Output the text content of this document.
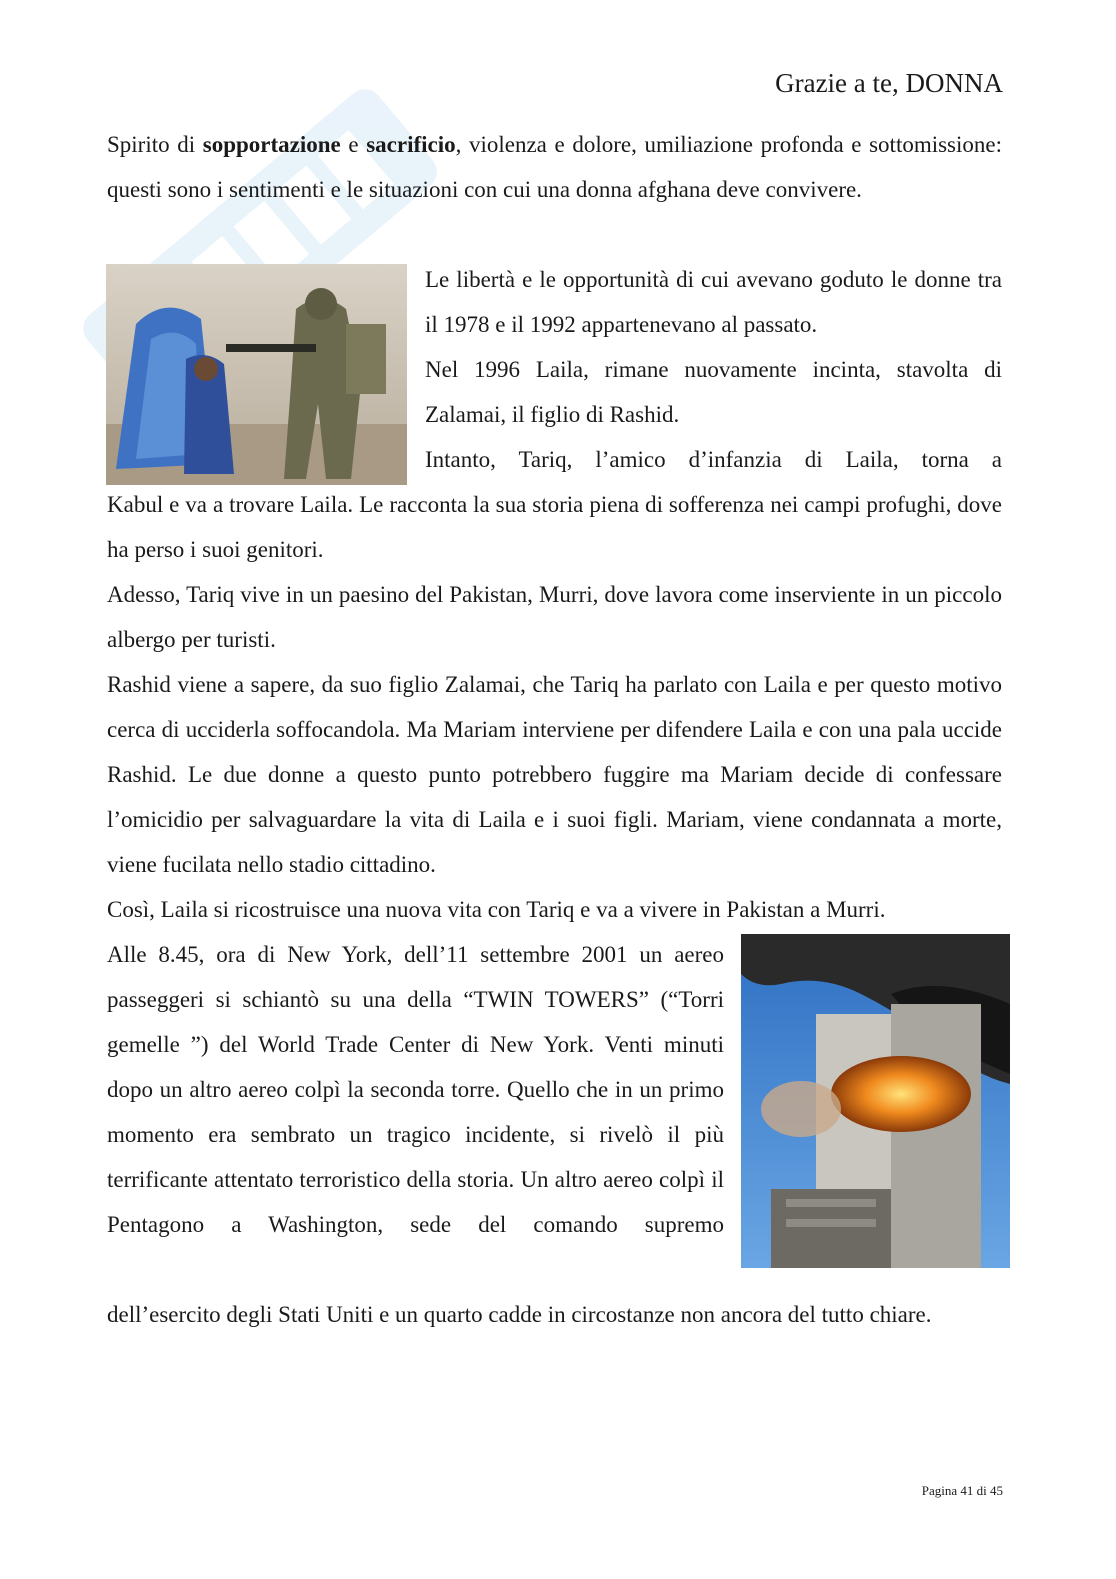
Grazie a te, DONNA

Spirito di sopportazione e sacrificio, violenza e dolore, umiliazione profonda e sottomissione: questi sono i sentimenti e le situazioni con cui una donna afghana deve convivere.

Le libertà e le opportunità di cui avevano goduto le donne tra il 1978 e il 1992 appartenevano al passato.

Nel 1996 Laila, rimane nuovamente incinta, stavolta di Zalamai, il figlio di Rashid.

Intanto, Tariq, l’amico d’infanzia di Laila, torna a

Kabul e va a trovare Laila. Le racconta la sua storia piena di sofferenza nei campi profughi, dove ha perso i suoi genitori.

Adesso, Tariq vive in un paesino del Pakistan, Murri, dove lavora come inserviente in un piccolo albergo per turisti.

Rashid viene a sapere, da suo figlio Zalamai, che Tariq ha parlato con Laila e per questo motivo cerca di ucciderla soffocandola. Ma Mariam interviene per difendere Laila e con una pala uccide Rashid. Le due donne a questo punto potrebbero fuggire ma Mariam decide di confessare l’omicidio per salvaguardare la vita di Laila e i suoi figli. Mariam, viene condannata a morte, viene fucilata nello stadio cittadino.

Così, Laila si ricostruisce una nuova vita con Tariq e va a vivere in Pakistan a Murri.

Alle 8.45, ora di New York, dell’11 settembre 2001 un aereo passeggeri si schiantò su una della “TWIN TOWERS” (“Torri gemelle ”) del World Trade Center di New York. Venti minuti dopo un altro aereo colpì la seconda torre. Quello che in un primo momento era sembrato un tragico incidente, si rivelò il più terrificante attentato terroristico della storia. Un altro aereo colpì il Pentagono a Washington, sede del comando supremo

dell’esercito degli Stati Uniti e un quarto cadde in circostanze non ancora del tutto chiare.

Pagina 41 di 45
